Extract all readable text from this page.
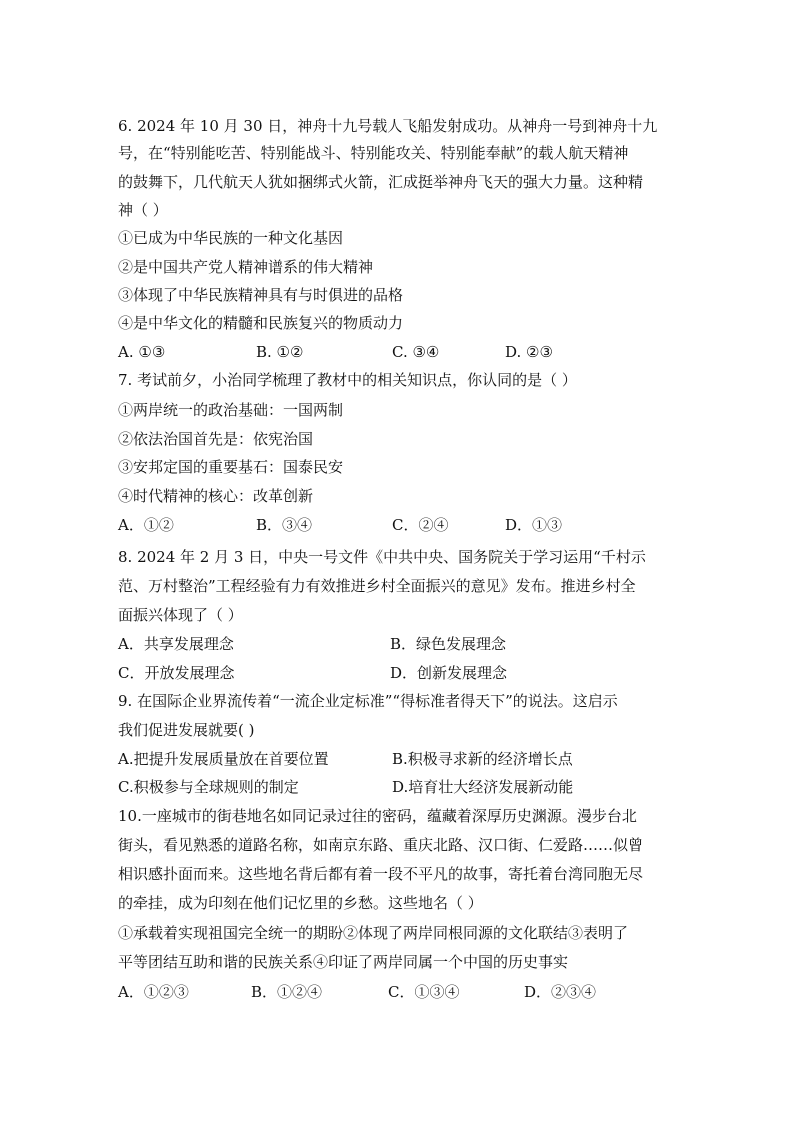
6. 2024 年 10 月 30 日，神舟十九号载人飞船发射成功。从神舟一号到神舟十九
号，在“特别能吃苦、特别能战斗、特别能攻关、特别能奉献”的载人航天精神
的鼓舞下，几代航天人犹如捆绑式火箭，汇成挺举神舟飞天的强大力量。这种精
神（ ）
①已成为中华民族的一种文化基因
②是中国共产党人精神谱系的伟大精神
③体现了中华民族精神具有与时俱进的品格
④是中华文化的精髓和民族复兴的物质动力
A. ①③	B. ①②	C. ③④	D. ②③
7. 考试前夕，小治同学梳理了教材中的相关知识点，你认同的是（ ）
①两岸统一的政治基础：一国两制
②依法治国首先是：依宪治国
③安邦定国的重要基石：国泰民安
④时代精神的核心：改革创新
A．①②	B．③④	C．②④	D．①③
8. 2024 年 2 月 3 日，中央一号文件《中共中央、国务院关于学习运用“千村示
范、万村整治”工程经验有力有效推进乡村全面振兴的意见》发布。推进乡村全
面振兴体现了（ ）
A．共享发展理念	B．绿色发展理念
C．开放发展理念	D．创新发展理念
9. 在国际企业界流传着“一流企业定标准”“得标准者得天下”的说法。这启示
我们促进发展就要( )
A.把提升发展质量放在首要位置	B.积极寻求新的经济增长点
C.积极参与全球规则的制定	D.培育壮大经济发展新动能
10.一座城市的街巷地名如同记录过往的密码，蕴藏着深厚历史渊源。漫步台北
街头，看见熟悉的道路名称，如南京东路、重庆北路、汉口街、仁爱路……似曾
相识感扑面而来。这些地名背后都有着一段不平凡的故事，寄托着台湾同胞无尽
的牵挂，成为印刻在他们记忆里的乡愁。这些地名（ ）
①承载着实现祖国完全统一的期盼②体现了两岸同根同源的文化联结③表明了
平等团结互助和谐的民族关系④印证了两岸同属一个中国的历史事实
A．①②③	B．①②④	C．①③④	D．②③④
